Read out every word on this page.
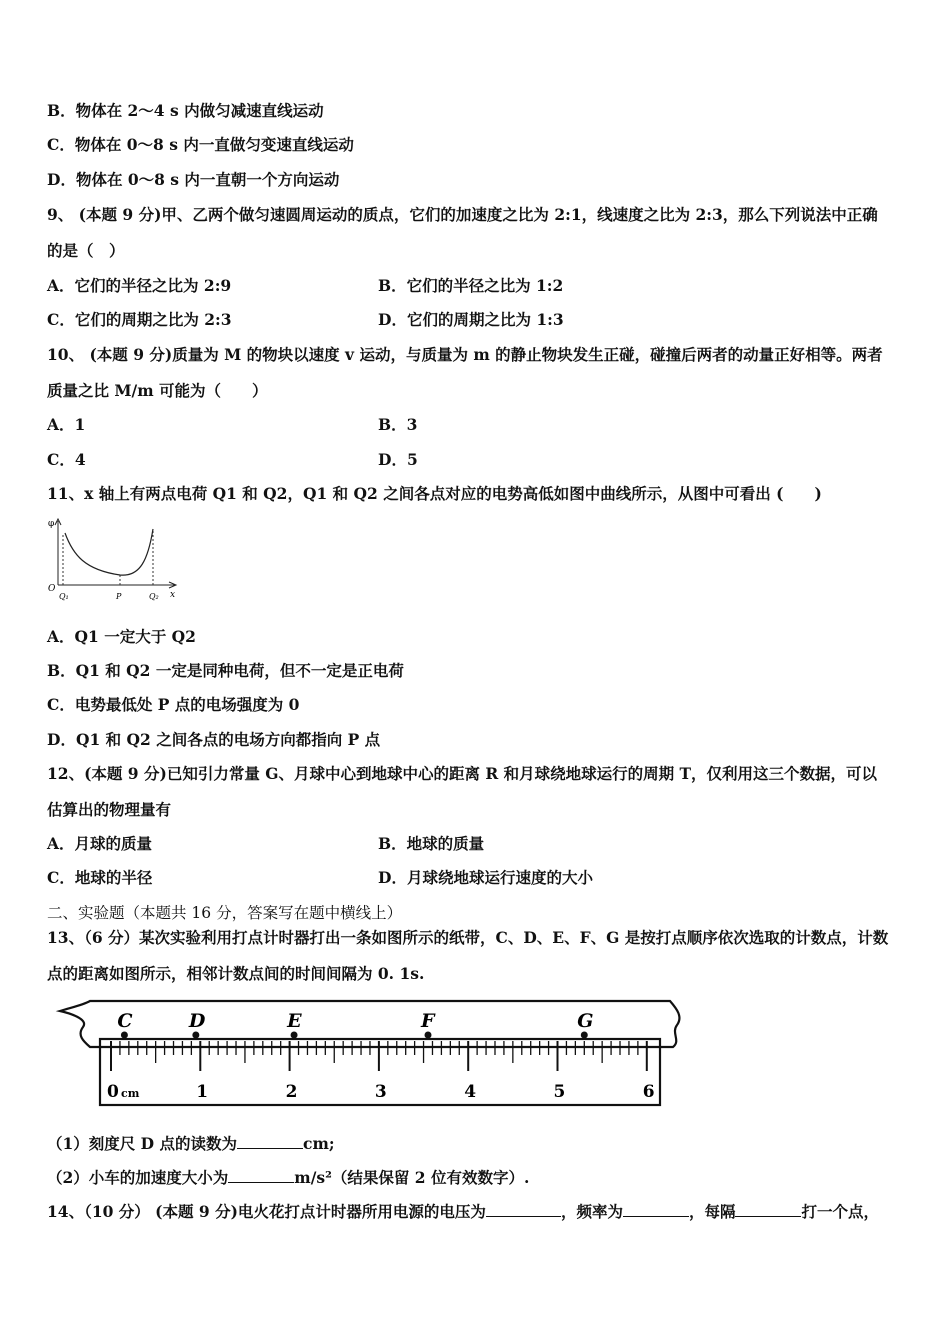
B．物体在 2～4 s 内做匀减速直线运动
C．物体在 0～8 s 内一直做匀变速直线运动
D．物体在 0～8 s 内一直朝一个方向运动
9、 (本题 9 分)甲、乙两个做匀速圆周运动的质点，它们的加速度之比为 2:1，线速度之比为 2:3，那么下列说法中正确
的是（　）
A．它们的半径之比为 2:9	B．它们的半径之比为 1:2
C．它们的周期之比为 2:3	D．它们的周期之比为 1:3
10、 (本题 9 分)质量为 M 的物块以速度 v 运动，与质量为 m 的静止物块发生正碰，碰撞后两者的动量正好相等。两者
质量之比 M/m 可能为（　　）
A．1	B．3
C．4	D．5
11、x 轴上有两点电荷 Q1 和 Q2，Q1 和 Q2 之间各点对应的电势高低如图中曲线所示，从图中可看出 (　　)
φ
O
x
Q₁	P	Q₂
A．Q1 一定大于 Q2
B．Q1 和 Q2 一定是同种电荷，但不一定是正电荷
C．电势最低处 P 点的电场强度为 0
D．Q1 和 Q2 之间各点的电场方向都指向 P 点
12、(本题 9 分)已知引力常量 G、月球中心到地球中心的距离 R 和月球绕地球运行的周期 T，仅利用这三个数据，可以
估算出的物理量有
A．月球的质量	B．地球的质量
C．地球的半径	D．月球绕地球运行速度的大小
二、实验题（本题共 16 分，答案写在题中横线上）
13、（6 分）某次实验利用打点计时器打出一条如图所示的纸带，C、D、E、F、G 是按打点顺序依次选取的计数点，计数
点的距离如图所示，相邻计数点间的时间间隔为 0. 1s.
0	1	2	3	4	5	6
cm
C	D	E	F	G
（1）刻度尺 D 点的读数为	cm;
（2）小车的加速度大小为	m/s²（结果保留 2 位有效数字）.
14、（10 分） (本题 9 分)电火花打点计时器所用电源的电压为	，频率为	，每隔	打一个点，
